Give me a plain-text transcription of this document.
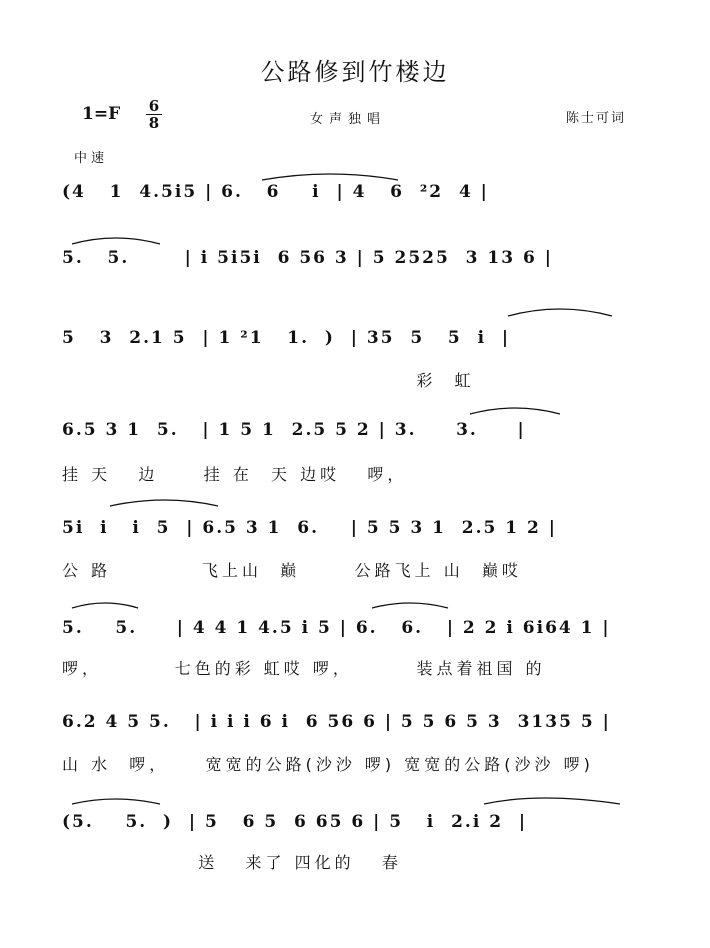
公路修到竹楼边
1=F 6
8	女声独唱	陈士可词
中速
(4   1  4.5i5 | 6.   6    i  | 4   6  ²2  4 |
5.   5.       | i 5i5i  6 56 3 | 5 2525  3 13 6 |
5   3  2.1 5  | 1 ²1   1.  )  | 35  5   5  i  |
彩  虹
6.5 3 1  5.   | 1 5 1  2.5 5 2 | 3.     3.     |
挂 天   边     挂 在  天 边哎   啰，
5i  i   i  5  | 6.5 3 1  6.    | 5 5 3 1  2.5 1 2 |
公 路          飞上山  巅      公路飞上 山  巅哎
5.    5.     | 4 4 1 4.5 i 5 | 6.   6.   | 2 2 i 6i64 1 |
啰，        七色的彩 虹哎 啰，       装点着祖国 的
6.2 4 5 5.   | i i i 6 i  6 56 6 | 5 5 6 5 3  3135 5 |
山 水  啰，    宽宽的公路(沙沙 啰) 宽宽的公路(沙沙 啰)
(5.    5.  )  | 5   6 5  6 65 6 | 5   i  2.i 2  |
送   来了 四化的   春
